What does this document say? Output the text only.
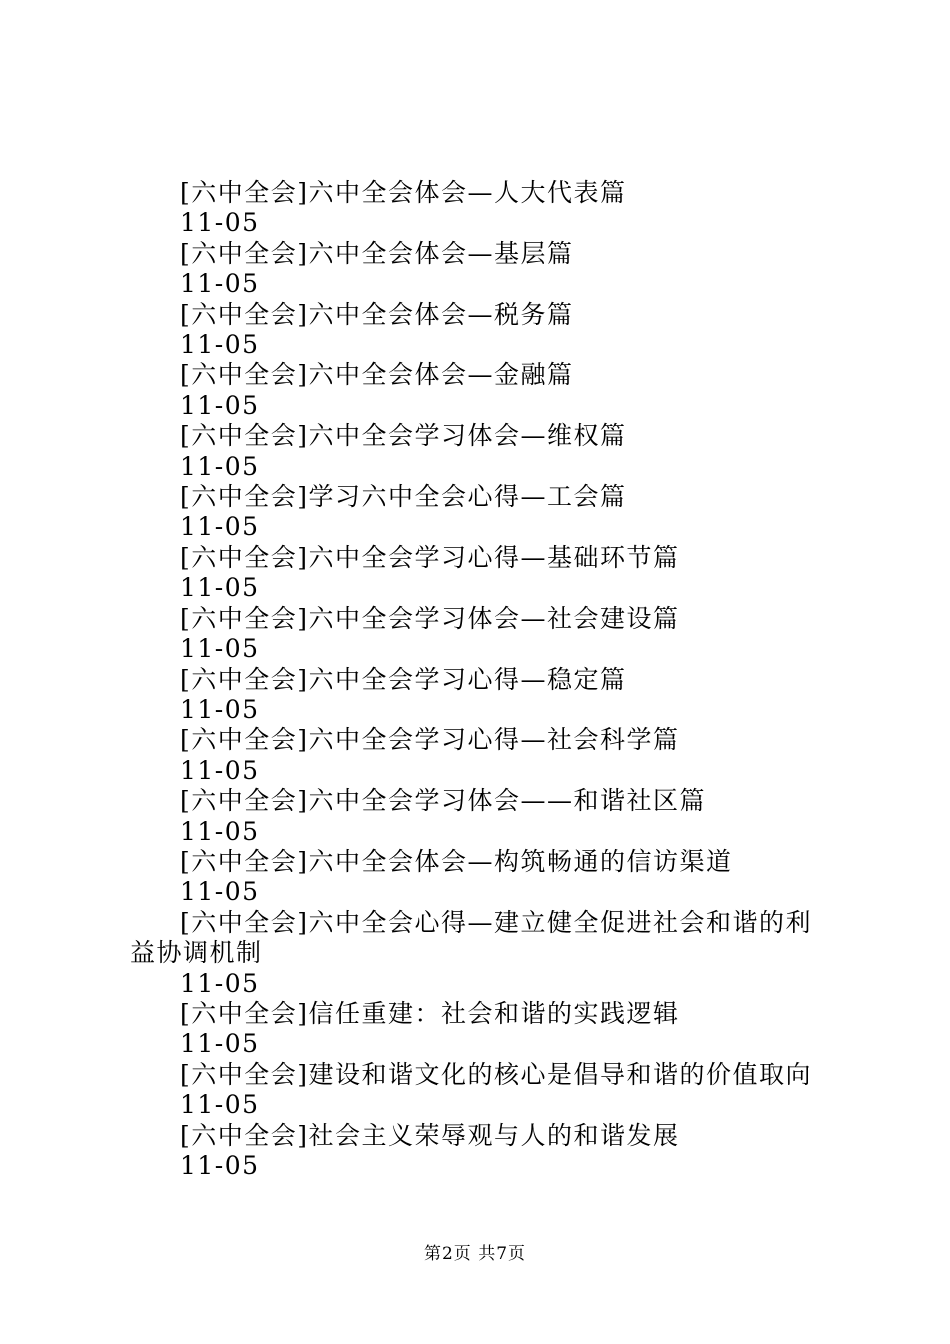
[六中全会]六中全会体会—人大代表篇
11-05
[六中全会]六中全会体会—基层篇
11-05
[六中全会]六中全会体会—税务篇
11-05
[六中全会]六中全会体会—金融篇
11-05
[六中全会]六中全会学习体会—维权篇
11-05
[六中全会]学习六中全会心得—工会篇
11-05
[六中全会]六中全会学习心得—基础环节篇
11-05
[六中全会]六中全会学习体会—社会建设篇
11-05
[六中全会]六中全会学习心得—稳定篇
11-05
[六中全会]六中全会学习心得—社会科学篇
11-05
[六中全会]六中全会学习体会——和谐社区篇
11-05
[六中全会]六中全会体会—构筑畅通的信访渠道
11-05
[六中全会]六中全会心得—建立健全促进社会和谐的利益协调机制
11-05
[六中全会]信任重建：社会和谐的实践逻辑
11-05
[六中全会]建设和谐文化的核心是倡导和谐的价值取向
11-05
[六中全会]社会主义荣辱观与人的和谐发展
11-05
第2页 共7页
